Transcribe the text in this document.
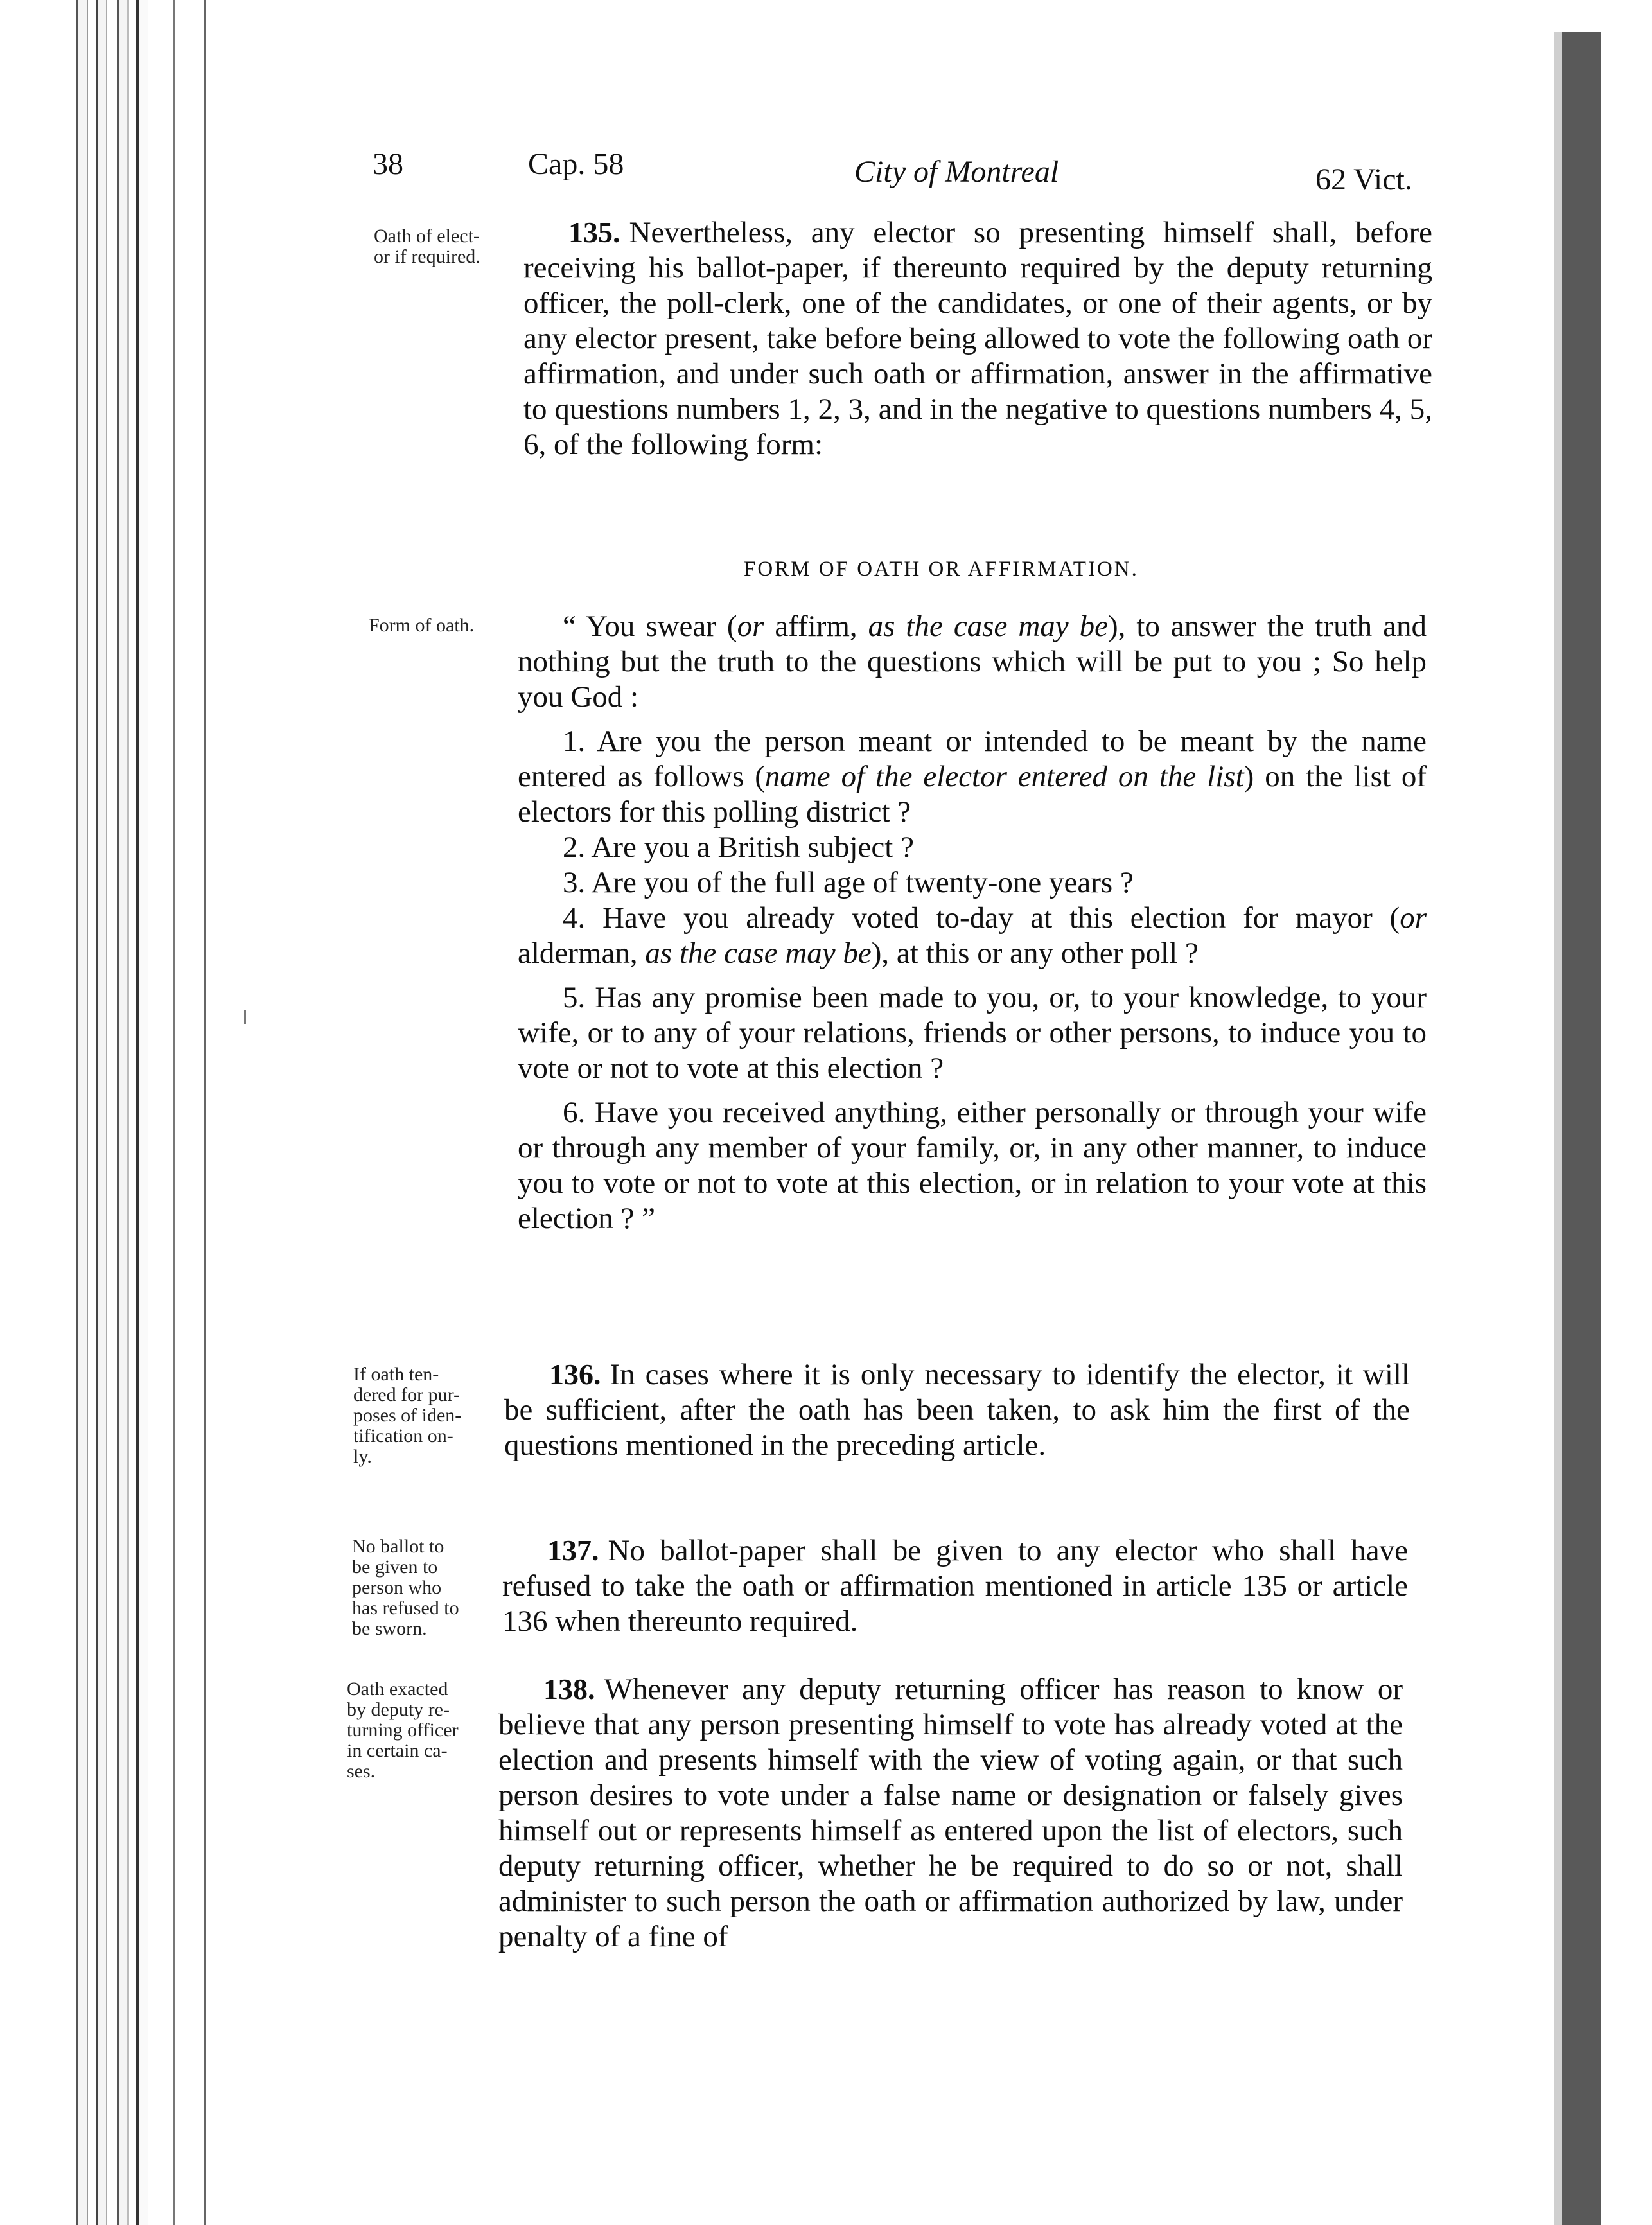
38	Cap. 58	City of Montreal	62 Vict.
Oath of elect-
or if required.
135. Nevertheless, any elector so presenting himself shall, before receiving his ballot-paper, if thereunto required by the deputy returning officer, the poll-clerk, one of the candidates, or one of their agents, or by any elector present, take before being allowed to vote the following oath or affirmation, and under such oath or affirmation, answer in the affirmative to questions numbers 1, 2, 3, and in the negative to questions numbers 4, 5, 6, of the following form:
FORM OF OATH OR AFFIRMATION.
Form of oath.	“ You swear (or affirm, as the case may be), to answer the truth and nothing but the truth to the questions which will be put to you ; So help you God :
1. Are you the person meant or intended to be meant by the name entered as follows (name of the elector entered on the list) on the list of electors for this polling district ?
2. Are you a British subject ?
3. Are you of the full age of twenty-one years ?
4. Have you already voted to-day at this election for mayor (or alderman, as the case may be), at this or any other poll ?
5. Has any promise been made to you, or, to your knowledge, to your wife, or to any of your relations, friends or other persons, to induce you to vote or not to vote at this election ?
6. Have you received anything, either personally or through your wife or through any member of your family, or, in any other manner, to induce you to vote or not to vote at this election, or in relation to your vote at this election ? ”
If oath ten-
dered for pur-
poses of iden-
tification on-
ly.
136. In cases where it is only necessary to identify the elector, it will be sufficient, after the oath has been taken, to ask him the first of the questions mentioned in the preceding article.
No ballot to
be given to
person who
has refused to
be sworn.
137. No ballot-paper shall be given to any elector who shall have refused to take the oath or affirmation mentioned in article 135 or article 136 when thereunto required.
Oath exacted
by deputy re-
turning officer
in certain ca-
ses.
138. Whenever any deputy returning officer has reason to know or believe that any person presenting himself to vote has already voted at the election and presents himself with the view of voting again, or that such person desires to vote under a false name or designation or falsely gives himself out or represents himself as entered upon the list of electors, such deputy returning officer, whether he be required to do so or not, shall administer to such person the oath or affirmation authorized by law, under penalty of a fine of
